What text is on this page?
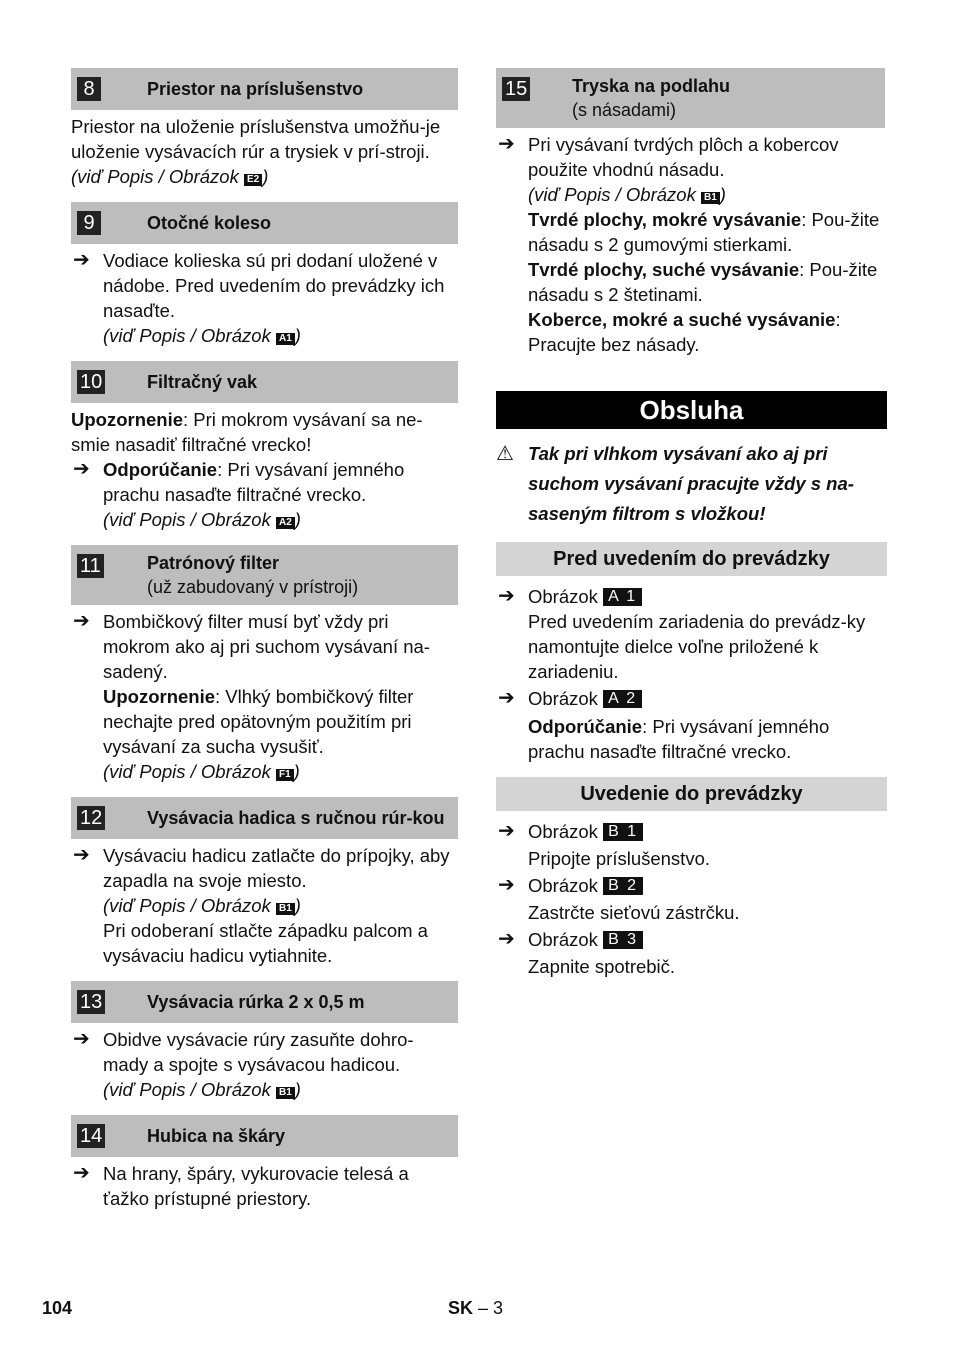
8	Priestor na príslušenstvo

Priestor na uloženie príslušenstva umožňu-je uloženie vysávacích rúr a trysiek v prí-stroji.

(viď Popis / Obrázok E2 )

9	Otočné koleso
➔ Vodiace kolieska sú pri dodaní uložené v nádobe. Pred uvedením do prevádzky ich nasaďte.

(viď Popis / Obrázok A1 )

10 Filtračný vak

Upozornenie: Pri mokrom vysávaní sa ne-smie nasadiť filtračné vrecko!

➔ Odporúčanie: Pri vysávaní jemného prachu nasaďte filtračné vrecko.

(viď Popis / Obrázok A2 )

11	Patrónový filter
(už zabudovaný v prístroji)
➔ Bombičkový filter musí byť vždy pri mokrom ako aj pri suchom vysávaní na-sadený.

Upozornenie: Vlhký bombičkový filter nechajte pred opätovným použitím pri vysávaní za sucha vysušiť.

(viď Popis / Obrázok F1 )

12 Vysávacia hadica s ručnou rúr-kou
➔ Vysávaciu hadicu zatlačte do prípojky, aby zapadla na svoje miesto.

(viď Popis / Obrázok B1 )

Pri odoberaní stlačte západku palcom a vysávaciu hadicu vytiahnite.

13 Vysávacia rúrka 2 x 0,5 m
➔ Obidve vysávacie rúry zasuňte dohro-mady a spojte s vysávacou hadicou.

(viď Popis / Obrázok B1 )

14 Hubica na škáry
➔ Na hrany, špáry, vykurovacie telesá a ťažko prístupné priestory.

15 Tryska na podlahu
(s násadami)
➔ Pri vysávaní tvrdých plôch a kobercov použite vhodnú násadu.

(viď Popis / Obrázok B1 )

Tvrdé plochy, mokré vysávanie: Pou-žite násadu s 2 gumovými stierkami.

Tvrdé plochy, suché vysávanie: Pou-žite násadu s 2 štetinami.

Koberce, mokré a suché vysávanie: Pracujte bez násady.

Obsluha
⚠ Tak pri vlhkom vysávaní ako aj pri suchom vysávaní pracujte vždy s na-saseným filtrom s vložkou!

Pred uvedením do prevádzky
➔ Obrázok A 1

Pred uvedením zariadenia do prevádz-ky namontujte dielce voľne priložené k zariadeniu.

➔ Obrázok A 2

Odporúčanie: Pri vysávaní jemného prachu nasaďte filtračné vrecko.

Uvedenie do prevádzky
➔ Obrázok B 1

Pripojte príslušenstvo.

➔ Obrázok B 2

Zastrčte sieťovú zástrčku.

➔ Obrázok B 3

Zapnite spotrebič.

104	SK – 3
